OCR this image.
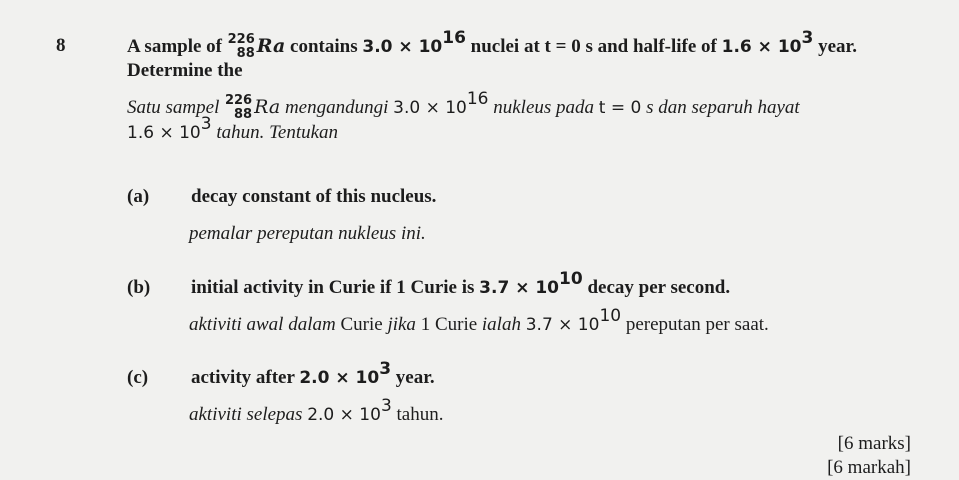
8	A sample of 226
88 Ra contains $3.0 \times 10^{16}$ nuclei at t = 0 s and half-life of $1.6 \times 10^3$ year.
Determine the
Satu sampel 226
88 Ra mengandungi $3.0 \times 10^{16}$ nukleus pada t = 0 s dan separuh hayat
$1.6 \times 10^3$ tahun. Tentukan
(a) decay constant of this nucleus.
pemalar pereputan nukleus ini.
(b) initial activity in Curie if 1 Curie is $3.7 \times 10^{10}$ decay per second.
aktiviti awal dalam Curie jika 1 Curie ialah $3.7 \times 10^{10}$ pereputan per saat.
(c) activity after $2.0 \times 10^3$ year.
aktiviti selepas $2.0 \times 10^3$ tahun.
[6 marks]
[6 markah]
